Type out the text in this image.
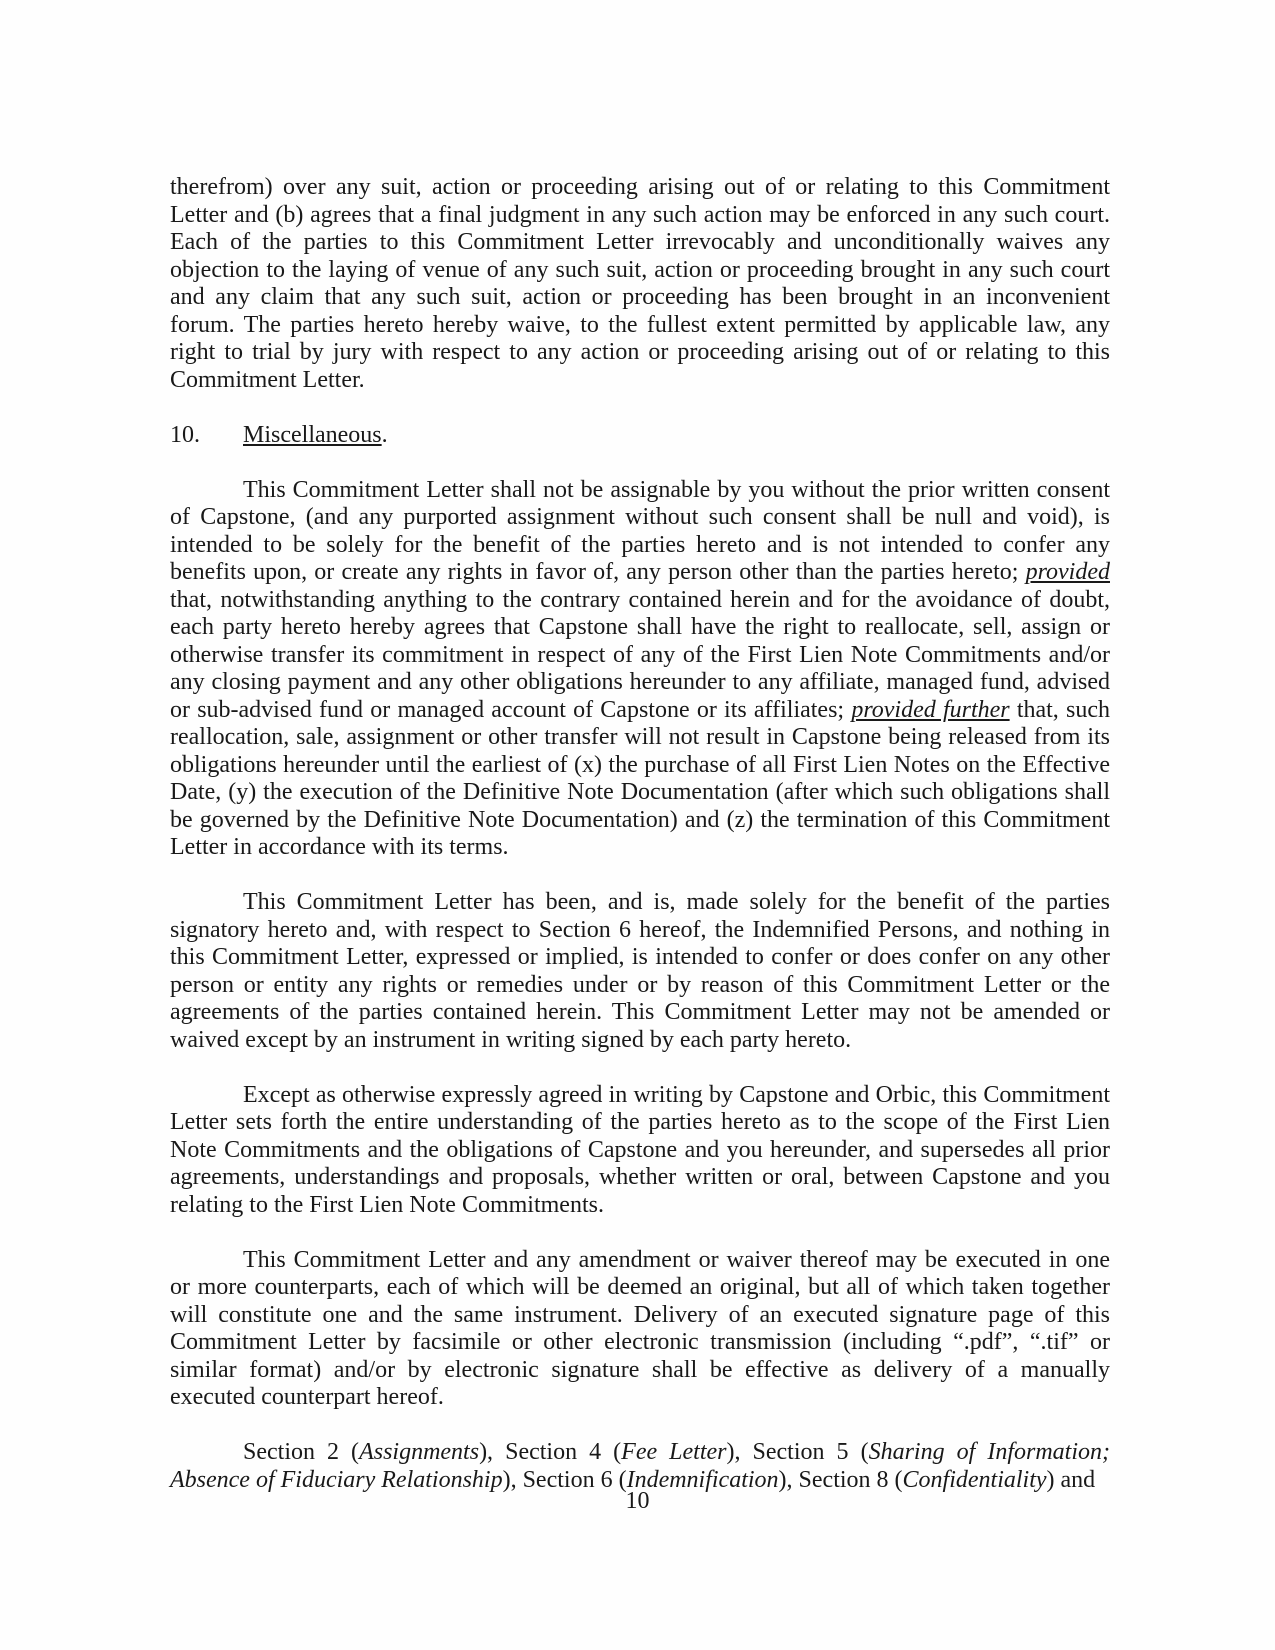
therefrom) over any suit, action or proceeding arising out of or relating to this Commitment Letter and (b) agrees that a final judgment in any such action may be enforced in any such court. Each of the parties to this Commitment Letter irrevocably and unconditionally waives any objection to the laying of venue of any such suit, action or proceeding brought in any such court and any claim that any such suit, action or proceeding has been brought in an inconvenient forum. The parties hereto hereby waive, to the fullest extent permitted by applicable law, any right to trial by jury with respect to any action or proceeding arising out of or relating to this Commitment Letter.

10. Miscellaneous.

This Commitment Letter shall not be assignable by you without the prior written consent of Capstone, (and any purported assignment without such consent shall be null and void), is intended to be solely for the benefit of the parties hereto and is not intended to confer any benefits upon, or create any rights in favor of, any person other than the parties hereto; provided that, notwithstanding anything to the contrary contained herein and for the avoidance of doubt, each party hereto hereby agrees that Capstone shall have the right to reallocate, sell, assign or otherwise transfer its commitment in respect of any of the First Lien Note Commitments and/or any closing payment and any other obligations hereunder to any affiliate, managed fund, advised or sub-advised fund or managed account of Capstone or its affiliates; provided further that, such reallocation, sale, assignment or other transfer will not result in Capstone being released from its obligations hereunder until the earliest of (x) the purchase of all First Lien Notes on the Effective Date, (y) the execution of the Definitive Note Documentation (after which such obligations shall be governed by the Definitive Note Documentation) and (z) the termination of this Commitment Letter in accordance with its terms.

This Commitment Letter has been, and is, made solely for the benefit of the parties signatory hereto and, with respect to Section 6 hereof, the Indemnified Persons, and nothing in this Commitment Letter, expressed or implied, is intended to confer or does confer on any other person or entity any rights or remedies under or by reason of this Commitment Letter or the agreements of the parties contained herein. This Commitment Letter may not be amended or waived except by an instrument in writing signed by each party hereto.

Except as otherwise expressly agreed in writing by Capstone and Orbic, this Commitment Letter sets forth the entire understanding of the parties hereto as to the scope of the First Lien Note Commitments and the obligations of Capstone and you hereunder, and supersedes all prior agreements, understandings and proposals, whether written or oral, between Capstone and you relating to the First Lien Note Commitments.

This Commitment Letter and any amendment or waiver thereof may be executed in one or more counterparts, each of which will be deemed an original, but all of which taken together will constitute one and the same instrument. Delivery of an executed signature page of this Commitment Letter by facsimile or other electronic transmission (including “.pdf”, “.tif” or similar format) and/or by electronic signature shall be effective as delivery of a manually executed counterpart hereof.

Section 2 (Assignments), Section 4 (Fee Letter), Section 5 (Sharing of Information; Absence of Fiduciary Relationship), Section 6 (Indemnification), Section 8 (Confidentiality) and

10
